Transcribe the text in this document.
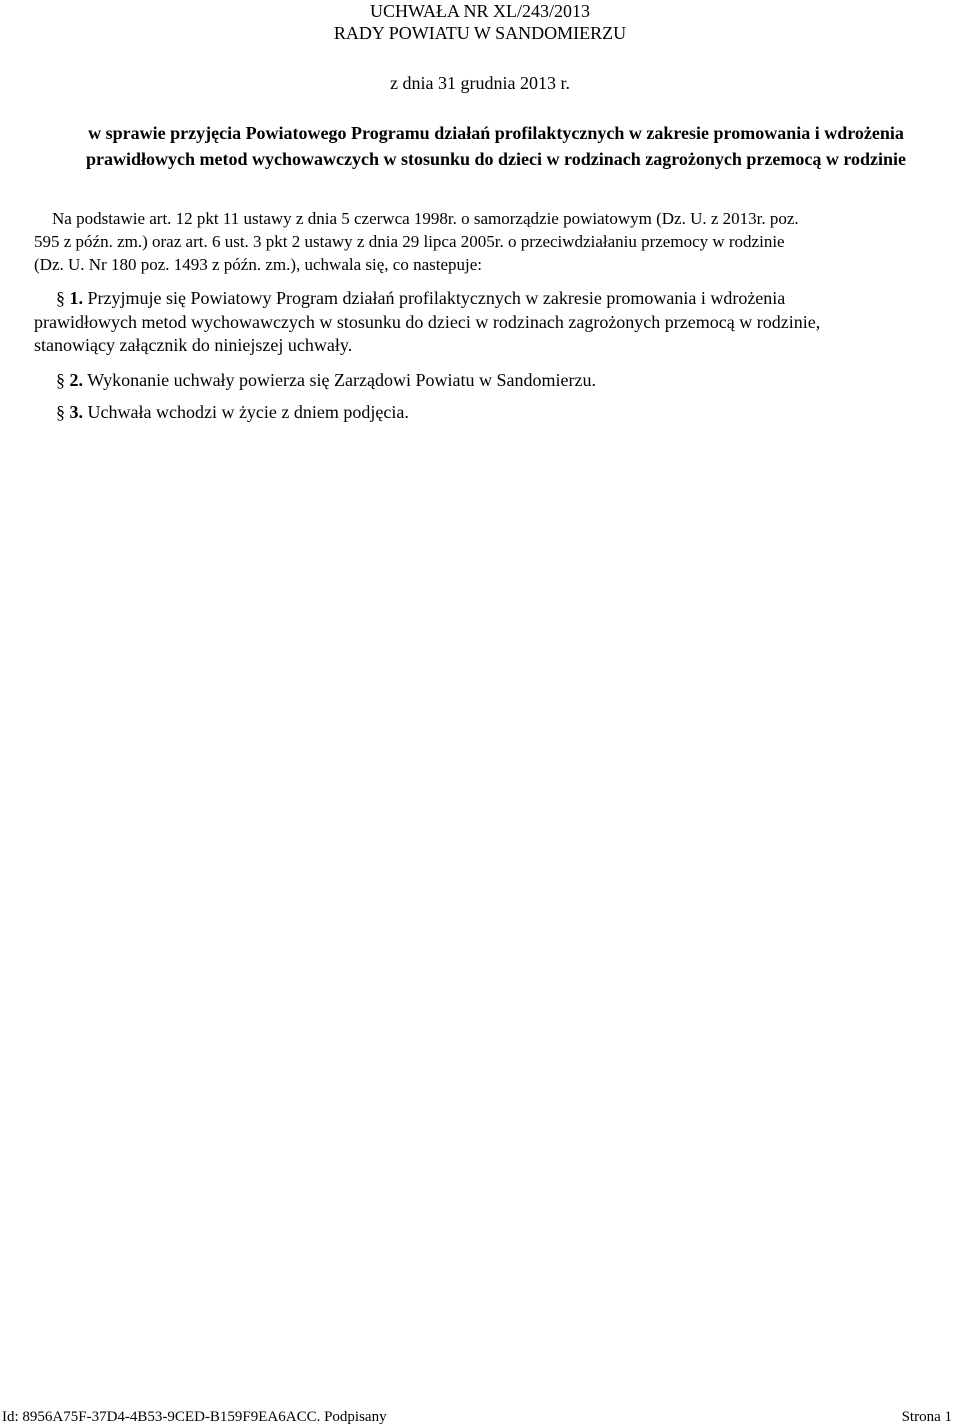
UCHWAŁA NR XL/243/2013
RADY POWIATU W SANDOMIERZU
z dnia 31 grudnia 2013 r.
w sprawie przyjęcia Powiatowego Programu działań profilaktycznych w zakresie promowania i wdrożenia
prawidłowych metod wychowawczych w stosunku do dzieci w rodzinach zagrożonych przemocą w rodzinie
Na podstawie art. 12 pkt 11 ustawy z dnia 5 czerwca 1998r. o samorządzie powiatowym (Dz. U. z 2013r. poz.
595 z późn. zm.) oraz art. 6 ust. 3 pkt 2 ustawy z dnia 29 lipca 2005r. o przeciwdziałaniu przemocy w rodzinie
(Dz. U. Nr 180 poz. 1493 z późn. zm.), uchwala się, co nastepuje:
§ 1. Przyjmuje się Powiatowy Program działań profilaktycznych w zakresie promowania i wdrożenia
prawidłowych metod wychowawczych w stosunku do dzieci w rodzinach zagrożonych przemocą w rodzinie,
stanowiący załącznik do niniejszej uchwały.
§ 2. Wykonanie uchwały powierza się Zarządowi Powiatu w Sandomierzu.
§ 3. Uchwała wchodzi w życie z dniem podjęcia.
Id: 8956A75F-37D4-4B53-9CED-B159F9EA6ACC. Podpisany	Strona 1
